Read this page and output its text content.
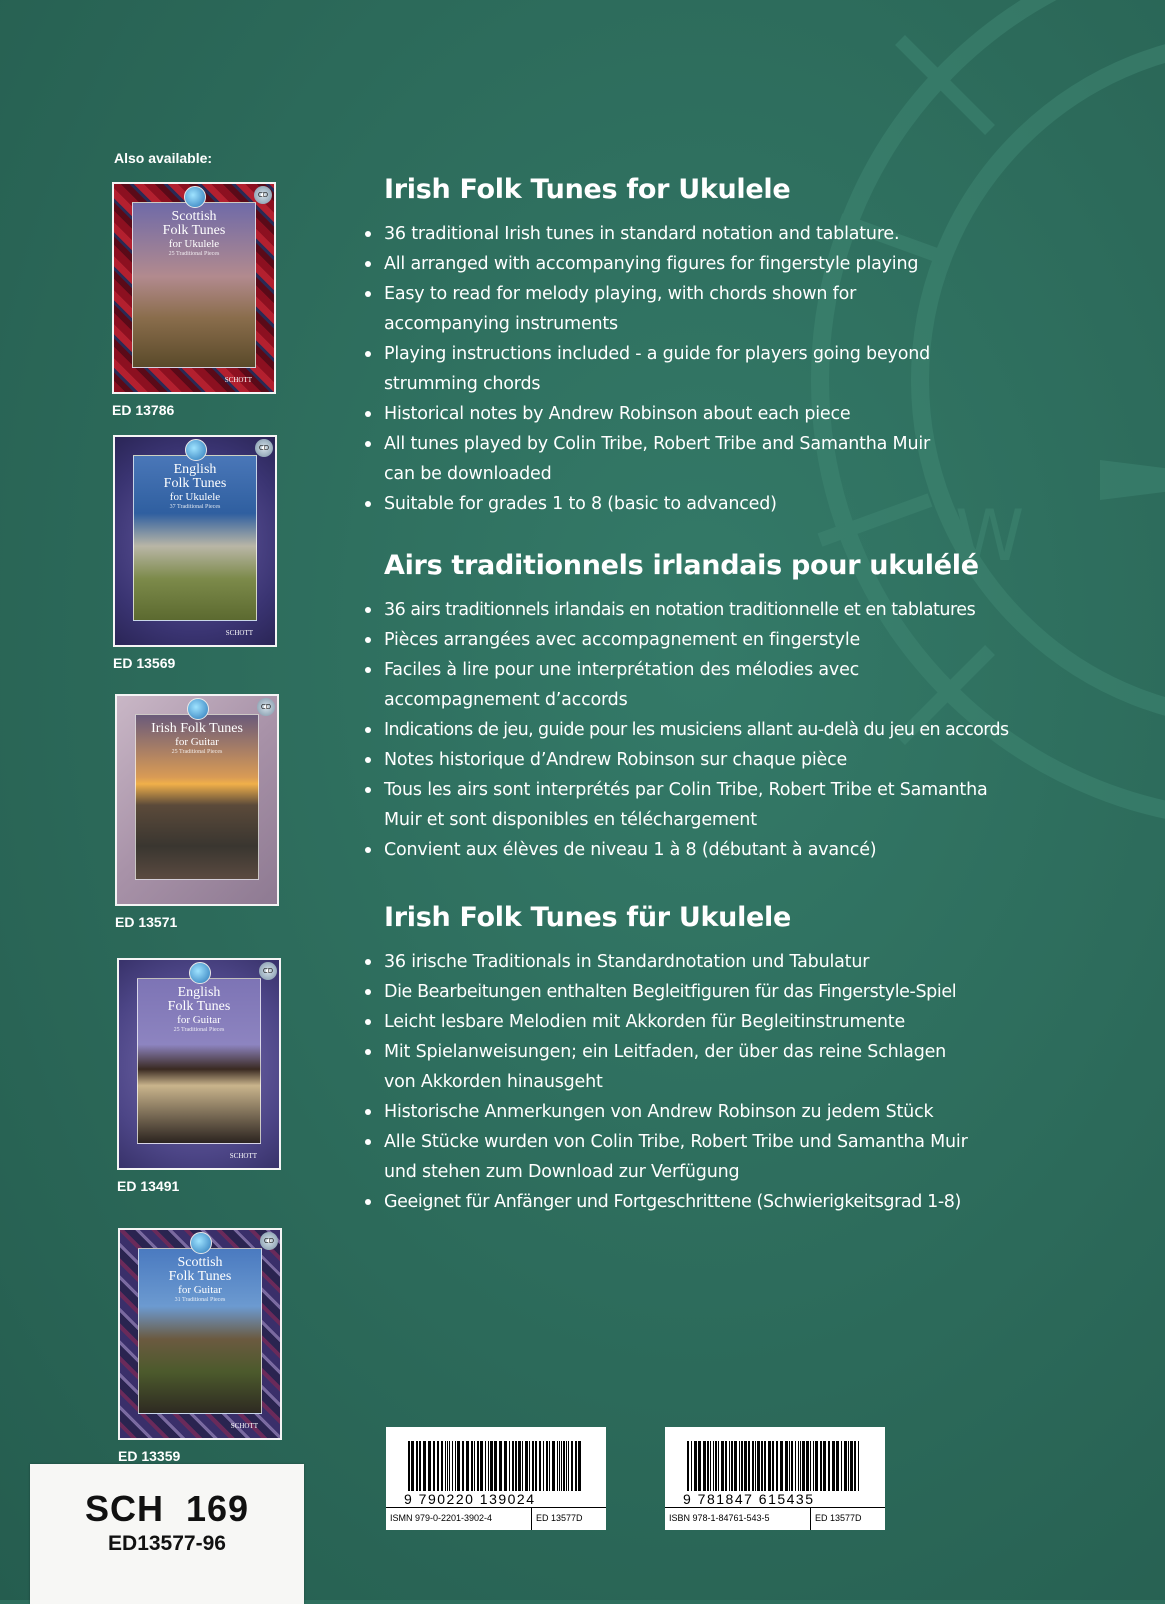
W
Also available:
CD
Scottish
Folk Tunes
for Ukulele
25 Traditional Pieces
SCHOTT
ED 13786
CD
English
Folk Tunes
for Ukulele
37 Traditional Pieces
SCHOTT
ED 13569
CD
Irish Folk Tunes
for Guitar
25 Traditional Pieces
ED 13571
CD
English
Folk Tunes
for Guitar
25 Traditional Pieces
SCHOTT
ED 13491
CD
Scottish
Folk Tunes
for Guitar
31 Traditional Pieces
SCHOTT
ED 13359
Irish Folk Tunes for Ukulele
36 traditional Irish tunes in standard notation and tablature.
All arranged with accompanying figures for fingerstyle playing
Easy to read for melody playing, with chords shown for accompanying instruments
Playing instructions included - a guide for players going beyond strumming chords
Historical notes by Andrew Robinson about each piece
All tunes played by Colin Tribe, Robert Tribe and Samantha Muir can be downloaded
Suitable for grades 1 to 8 (basic to advanced)
Airs traditionnels irlandais pour ukulélé
36 airs traditionnels irlandais en notation traditionnelle et en tablatures
Pièces arrangées avec accompagnement en fingerstyle
Faciles à lire pour une interprétation des mélodies avec accompagnement d’accords
Indications de jeu, guide pour les musiciens allant au-delà du jeu en accords
Notes historique d’Andrew Robinson sur chaque pièce
Tous les airs sont interprétés par Colin Tribe, Robert Tribe et Samantha Muir et sont disponibles en téléchargement
Convient aux élèves de niveau 1 à 8 (débutant à avancé)
Irish Folk Tunes für Ukulele
36 irische Traditionals in Standardnotation und Tabulatur
Die Bearbeitungen enthalten Begleitfiguren für das Fingerstyle-Spiel
Leicht lesbare Melodien mit Akkorden für Begleitinstrumente
Mit Spielanweisungen; ein Leitfaden, der über das reine Schlagen von Akkorden hinausgeht
Historische Anmerkungen von Andrew Robinson zu jedem Stück
Alle Stücke wurden von Colin Tribe, Robert Tribe und Samantha Muir und stehen zum Download zur Verfügung
Geeignet für Anfänger und Fortgeschrittene (Schwierigkeitsgrad 1-8)
9 790220 139024
ISMN 979-0-2201-3902-4	ED 13577D
9 781847 615435
ISBN 978-1-84761-543-5	ED 13577D
SCH  169
ED13577-96
